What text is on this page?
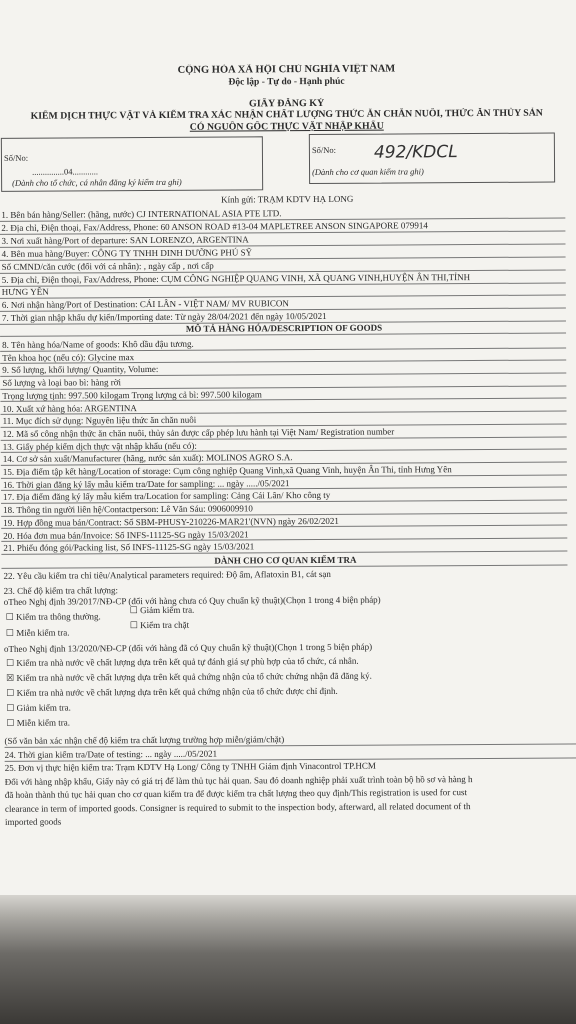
CỘNG HÒA XÃ HỘI CHỦ NGHĨA VIỆT NAM
Độc lập - Tự do - Hạnh phúc
GIẤY ĐĂNG KÝ
KIỂM DỊCH THỰC VẬT VÀ KIỂM TRA XÁC NHẬN CHẤT LƯỢNG THỨC ĂN CHĂN NUÔI, THỨC ĂN THỦY SẢN
CÓ NGUỒN GỐC THỰC VẬT NHẬP KHẨU
Số/No:
...............04............
(Dành cho tổ chức, cá nhân đăng ký kiểm tra ghi)
Số/No:	492/KDCL
(Dành cho cơ quan kiểm tra ghi)
Kính gửi: TRẠM KDTV HẠ LONG
1. Bên bán hàng/Seller: (hãng, nước) CJ INTERNATIONAL ASIA PTE LTD.
2. Địa chỉ, Điện thoại, Fax/Address, Phone: 60 ANSON ROAD #13-04 MAPLETREE ANSON SINGAPORE 079914
3. Nơi xuất hàng/Port of departure: SAN LORENZO, ARGENTINA
4. Bên mua hàng/Buyer: CÔNG TY TNHH DINH DƯỠNG PHÚ SỸ
Số CMND/căn cước (đối với cá nhân): , ngày cấp , nơi cấp
5. Địa chỉ, Điện thoại, Fax/Address, Phone: CỤM CÔNG NGHIỆP QUANG VINH, XÃ QUANG VINH,HUYỆN ÂN THI,TỈNH
HƯNG YÊN
6. Nơi nhận hàng/Port of Destination: CÁI LÂN - VIỆT NAM/ MV RUBICON
7. Thời gian nhập khẩu dự kiến/Importing date: Từ ngày 28/04/2021 đến ngày 10/05/2021
8. Tên hàng hóa/Name of goods: Khô dầu đậu tương.
Tên khoa học (nếu có): Glycine max
9. Số lượng, khối lượng/ Quantity, Volume:
Số lượng và loại bao bì: hàng rời
Trọng lượng tịnh: 997.500 kilogam Trọng lượng cả bì: 997.500 kilogam
10. Xuất xứ hàng hóa: ARGENTINA
11. Mục đích sử dụng: Nguyên liệu thức ăn chăn nuôi
12. Mã số công nhận thức ăn chăn nuôi, thủy sản được cấp phép lưu hành tại Việt Nam/ Registration number
13. Giấy phép kiểm dịch thực vật nhập khẩu (nếu có):
14. Cơ sở sản xuất/Manufacturer (hãng, nước sản xuất): MOLINOS AGRO S.A.
15. Địa điểm tập kết hàng/Location of storage: Cụm công nghiệp Quang Vinh,xã Quang Vinh, huyện Ân Thi, tỉnh Hưng Yên
16. Thời gian đăng ký lấy mẫu kiểm tra/Date for sampling: ... ngày ...../05/2021
17. Địa điểm đăng ký lấy mẫu kiểm tra/Location for sampling: Cảng Cái Lân/ Kho công ty
18. Thông tin người liên hệ/Contactperson: Lê Văn Sáu: 0906009910
19. Hợp đồng mua bán/Contract: Số SBM-PHUSY-210226-MAR21'(NVN) ngày 26/02/2021
20. Hóa đơn mua bán/Invoice: Số INFS-11125-SG ngày 15/03/2021
21. Phiếu đóng gói/Packing list, Số INFS-11125-SG ngày 15/03/2021
MÔ TẢ HÀNG HÓA/DESCRIPTION OF GOODS
DÀNH CHO CƠ QUAN KIỂM TRA
22. Yêu cầu kiểm tra chỉ tiêu/Analytical parameters required: Độ ẩm, Aflatoxin B1, cát sạn
23. Chế độ kiểm tra chất lượng:
oTheo Nghị định 39/2017/NĐ-CP (đối với hàng chưa có Quy chuẩn kỹ thuật)(Chọn 1 trong 4 biện pháp)
☐ Kiểm tra thông thường.
☐ Giảm kiểm tra.
☐ Kiểm tra chặt
☐ Miễn kiểm tra.
oTheo Nghị định 13/2020/NĐ-CP (đối với hàng đã có Quy chuẩn kỹ thuật)(Chọn 1 trong 5 biện pháp)
☐ Kiểm tra nhà nước về chất lượng dựa trên kết quả tự đánh giá sự phù hợp của tổ chức, cá nhân.
☒ Kiểm tra nhà nước về chất lượng dựa trên kết quả chứng nhận của tổ chức chứng nhận đã đăng ký.
☐ Kiểm tra nhà nước về chất lượng dựa trên kết quả chứng nhận của tổ chức được chỉ định.
☐ Giảm kiểm tra.
☐ Miễn kiểm tra.
(Số văn bản xác nhận chế độ kiểm tra chất lượng trường hợp miễn/giảm/chặt)
24. Thời gian kiểm tra/Date of testing: ... ngày ...../05/2021
25. Đơn vị thực hiện kiểm tra: Trạm KDTV Hạ Long/ Công ty TNHH Giám định Vinacontrol TP.HCM
Đối với hàng nhập khẩu, Giấy này có giá trị để làm thủ tục hải quan. Sau đó doanh nghiệp phải xuất trình toàn bộ hồ sơ và hàng h
đã hoàn thành thủ tục hải quan cho cơ quan kiểm tra để được kiểm tra chất lượng theo quy định/This registration is used for cust
clearance in term of imported goods. Consigner is required to submit to the inspection body, afterward, all related document of th
imported goods
